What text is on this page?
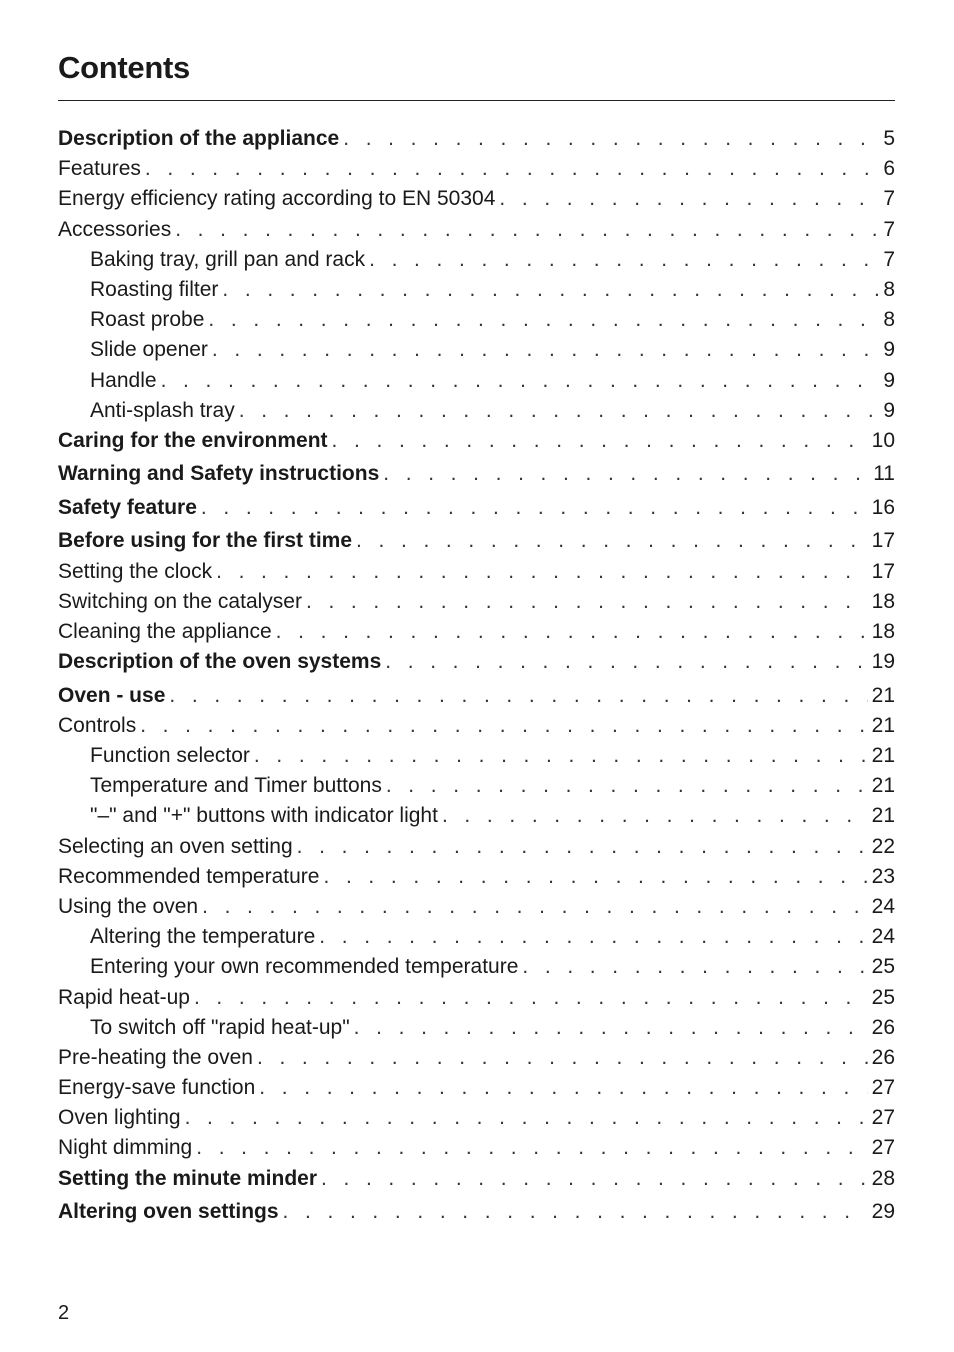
Contents
Description of the appliance . . .	5
Features . . .	6
Energy efficiency rating according to EN 50304 . . .	7
Accessories . . .	7
Baking tray, grill pan and rack . . .	7
Roasting filter . . .	8
Roast probe . . .	8
Slide opener . . .	9
Handle . . .	9
Anti-splash tray . . .	9
Caring for the environment . . .	10
Warning and Safety instructions . . .	11
Safety feature . . .	16
Before using for the first time . . .	17
Setting the clock . . .	17
Switching on the catalyser . . .	18
Cleaning the appliance . . .	18
Description of the oven systems . . .	19
Oven - use . . .	21
Controls . . .	21
Function selector . . .	21
Temperature and Timer buttons . . .	21
"–" and "+" buttons with indicator light . . .	21
Selecting an oven setting . . .	22
Recommended temperature . . .	23
Using the oven . . .	24
Altering the temperature . . .	24
Entering your own recommended temperature . . .	25
Rapid heat-up . . .	25
To switch off "rapid heat-up" . . .	26
Pre-heating the oven . . .	26
Energy-save function . . .	27
Oven lighting . . .	27
Night dimming . . .	27
Setting the minute minder . . .	28
Altering oven settings . . .	29
2
